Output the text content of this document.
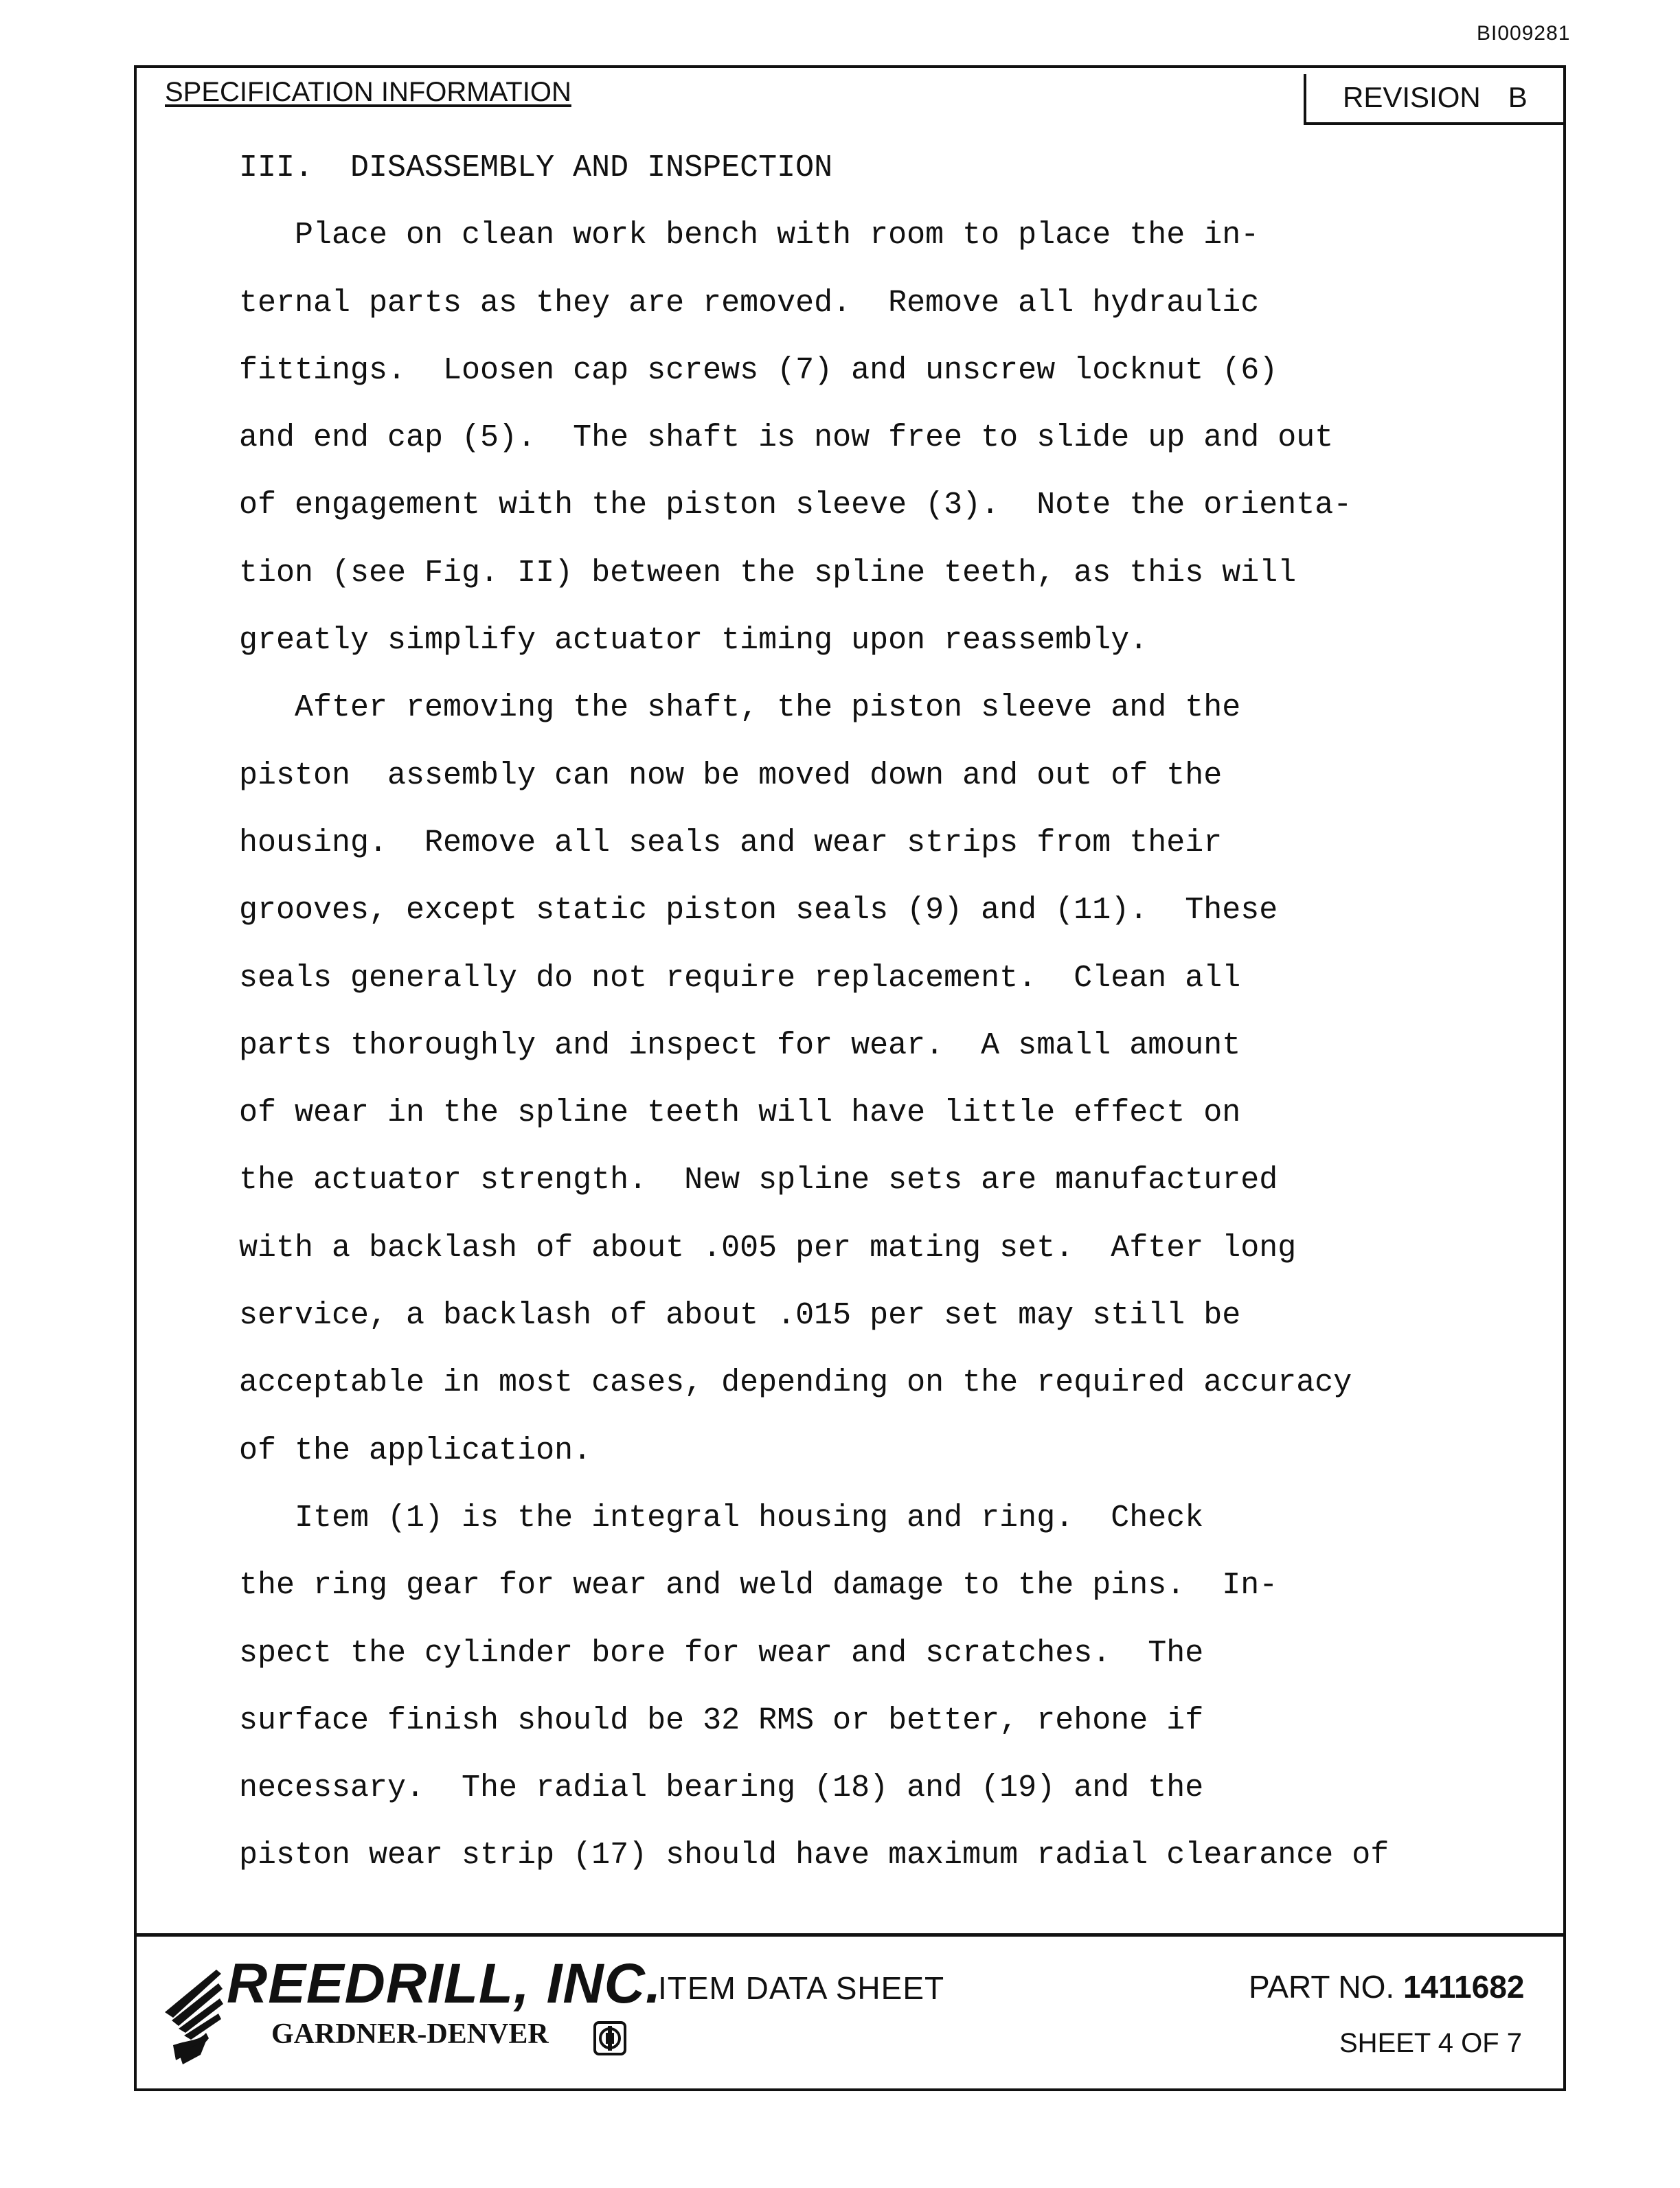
BI009281
SPECIFICATION INFORMATION	REVISION B
III.  DISASSEMBLY AND INSPECTION
Place on clean work bench with room to place the in-
ternal parts as they are removed.  Remove all hydraulic
fittings.  Loosen cap screws (7) and unscrew locknut (6)
and end cap (5).  The shaft is now free to slide up and out
of engagement with the piston sleeve (3).  Note the orienta-
tion (see Fig. II) between the spline teeth, as this will
greatly simplify actuator timing upon reassembly.
After removing the shaft, the piston sleeve and the
piston  assembly can now be moved down and out of the
housing.  Remove all seals and wear strips from their
grooves, except static piston seals (9) and (11).  These
seals generally do not require replacement.  Clean all
parts thoroughly and inspect for wear.  A small amount
of wear in the spline teeth will have little effect on
the actuator strength.  New spline sets are manufactured
with a backlash of about .005 per mating set.  After long
service, a backlash of about .015 per set may still be
acceptable in most cases, depending on the required accuracy
of the application.
Item (1) is the integral housing and ring.  Check
the ring gear for wear and weld damage to the pins.  In-
spect the cylinder bore for wear and scratches.  The
surface finish should be 32 RMS or better, rehone if
necessary.  The radial bearing (18) and (19) and the
piston wear strip (17) should have maximum radial clearance of
REEDRILL, INC.
GARDNER-DENVER
ITEM DATA SHEET	PART NO. 1411682
SHEET 4 OF 7
